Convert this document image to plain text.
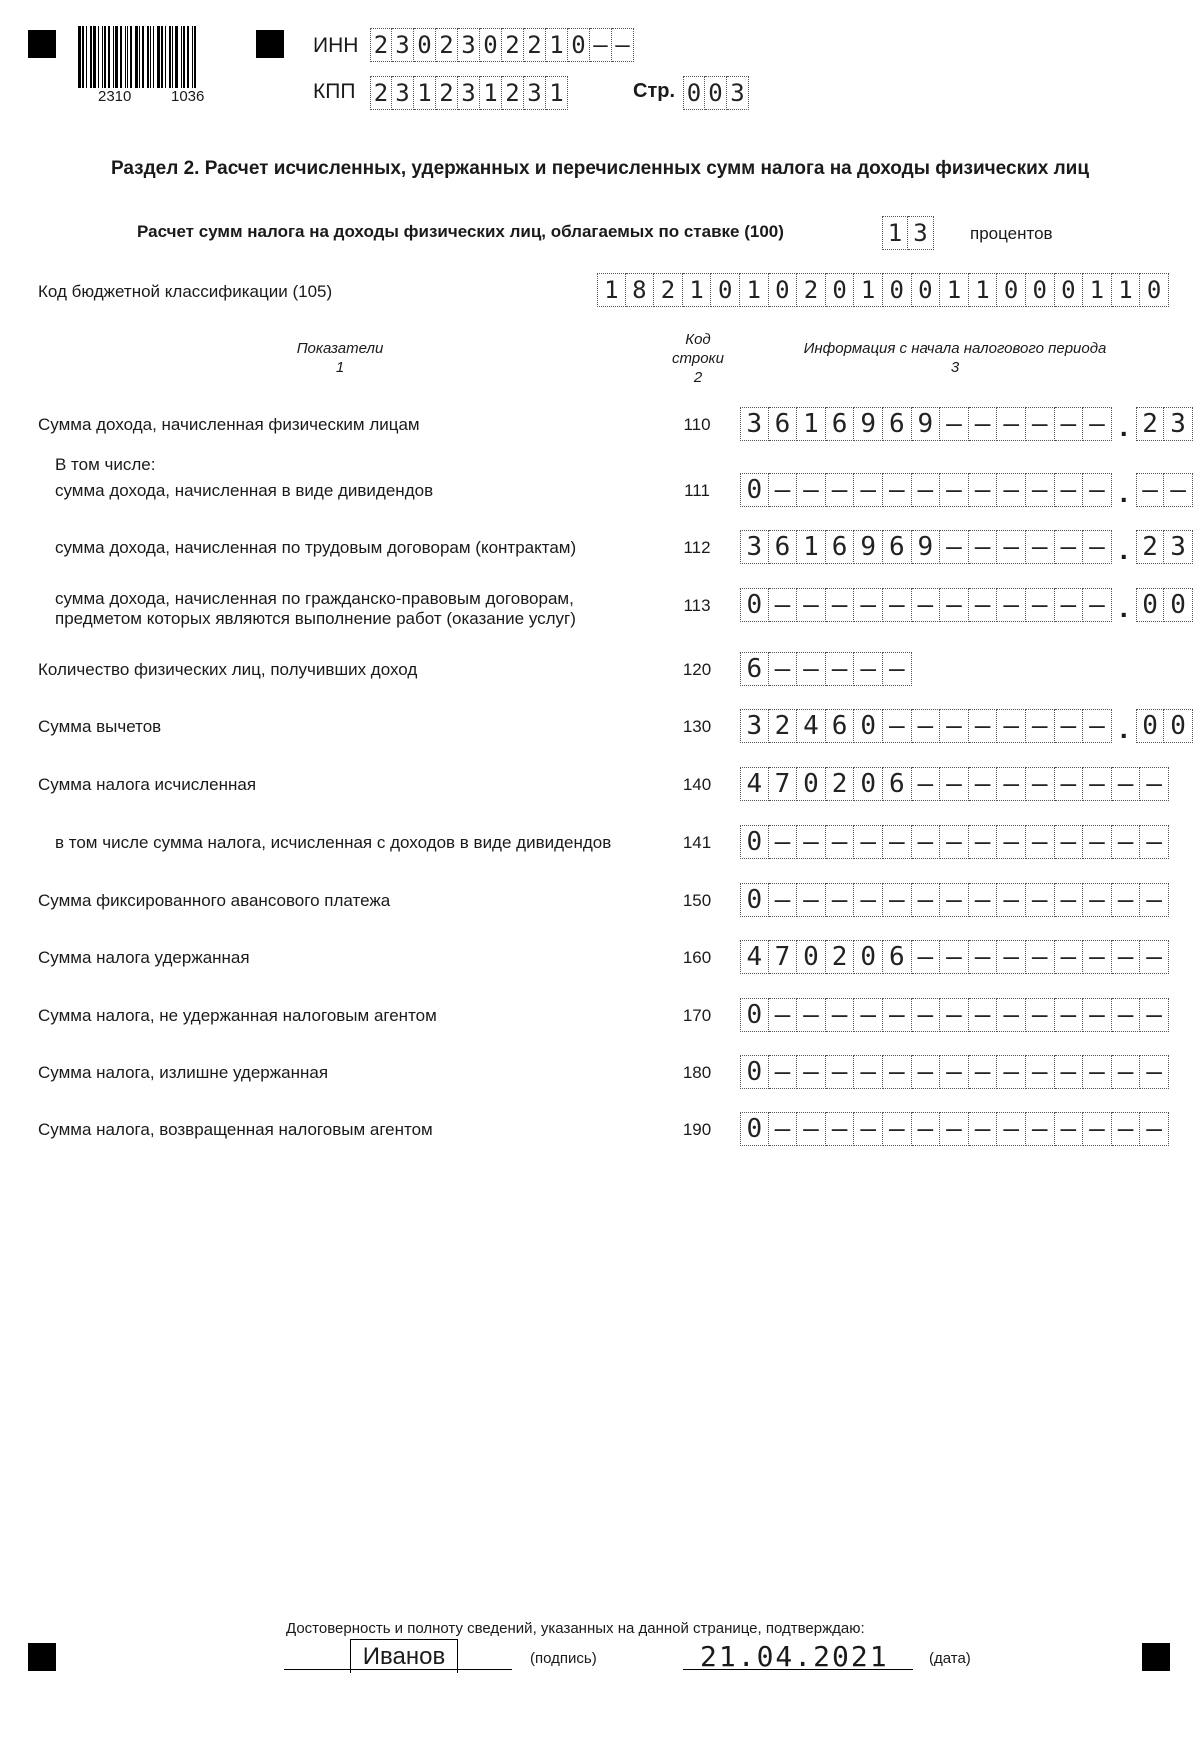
2310	1036
ИНН 2 3 0 2 3 0 2 2 1 0 – –
КПП 2 3 1 2 3 1 2 3 1	Стр. 0 0 3
Раздел 2. Расчет исчисленных, удержанных и перечисленных сумм налога на доходы физических лиц
Расчет сумм налога на доходы физических лиц, облагаемых по ставке (100)	1 3	процентов
Код бюджетной классификации (105)	1 8 2 1 0 1 0 2 0 1 0 0 1 1 0 0 0 1 1 0
Показатели
1
Код
строки
2
Информация с начала налогового периода
3
Сумма дохода, начисленная физическим лицам	110	3 6 1 6 9 6 9 – – – – – – . 2 3
сумма дохода, начисленная в виде дивидендов	111	0 – – – – – – – – – – – – . – –
сумма дохода, начисленная по трудовым договорам (контрактам)	112	3 6 1 6 9 6 9 – – – – – – . 2 3
сумма дохода, начисленная по гражданско-правовым договорам,
предметом которых являются выполнение работ (оказание услуг)
113	0 – – – – – – – – – – – – . 0 0
Количество физических лиц, получивших доход	120	6 – – – – –
Сумма вычетов	130	3 2 4 6 0 – – – – – – – – . 0 0
Сумма налога исчисленная	140	4 7 0 2 0 6 – – – – – – – – –
в том числе сумма налога, исчисленная с доходов в виде дивидендов	141	0 – – – – – – – – – – – – – –
Сумма фиксированного авансового платежа	150	0 – – – – – – – – – – – – – –
Сумма налога удержанная	160	4 7 0 2 0 6 – – – – – – – – –
Сумма налога, не удержанная налоговым агентом	170	0 – – – – – – – – – – – – – –
Сумма налога, излишне удержанная	180	0 – – – – – – – – – – – – – –
Сумма налога, возвращенная налоговым агентом	190	0 – – – – – – – – – – – – – –
В том числе:
Достоверность и полноту сведений, указанных на данной странице, подтверждаю:
Иванов	(подпись)	21.04.2021	(дата)
